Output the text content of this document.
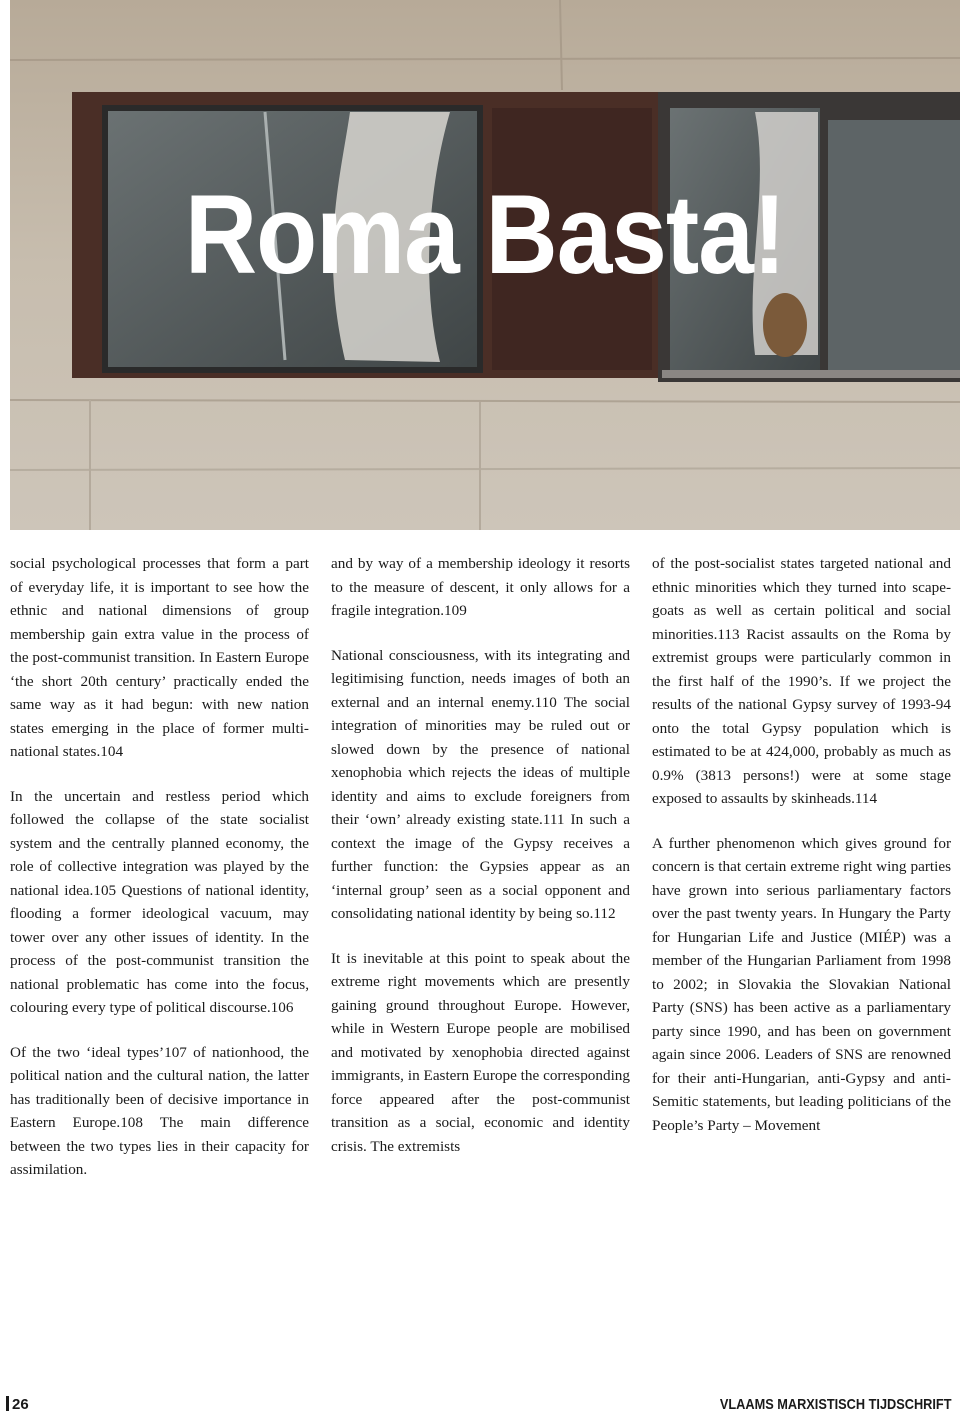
Roma Basta!

social psychological processes that form a part of everyday life, it is important to see how the ethnic and national dimensions of group membership gain extra value in the process of the post-communist transition. In Eastern Europe ‘the short 20th century’ practically ended the same way as it had begun: with new nation states emerging in the place of former multi-national states.104

In the uncertain and restless period which followed the collapse of the state socialist system and the centrally planned economy, the role of collective integration was played by the national idea.105 Questions of national identity, flooding a former ideological vacuum, may tower over any other issues of identity. In the process of the post-communist transition the national problematic has come into the focus, colouring every type of political discourse.106

Of the two ‘ideal types’107 of nationhood, the political nation and the cultural nation, the latter has traditionally been of decisive importance in Eastern Europe.108 The main difference between the two types lies in their capacity for assimilation.

and by way of a membership ideology it resorts to the measure of descent, it only allows for a fragile integration.109

National consciousness, with its integrating and legitimising function, needs images of both an external and an internal enemy.110 The social integration of minorities may be ruled out or slowed down by the presence of national xenophobia which rejects the ideas of multiple identity and aims to exclude foreigners from their ‘own’ already existing state.111 In such a context the image of the Gypsy receives a further function: the Gypsies appear as an ‘internal group’ seen as a social opponent and consolidating national identity by being so.112

It is inevitable at this point to speak about the extreme right movements which are presently gaining ground throughout Europe. However, while in Western Europe people are mobilised and motivated by xenophobia directed against immigrants, in Eastern Europe the corresponding force appeared after the post-communist transition as a social, economic and identity crisis. The extremists

of the post-socialist states targeted national and ethnic minorities which they turned into scape-goats as well as certain political and social minorities.113 Racist assaults on the Roma by extremist groups were particularly common in the first half of the 1990’s. If we project the results of the national Gypsy survey of 1993-94 onto the total Gypsy population which is estimated to be at 424,000, probably as much as 0.9% (3813 persons!) were at some stage exposed to assaults by skinheads.114

A further phenomenon which gives ground for concern is that certain extreme right wing parties have grown into serious parliamentary factors over the past twenty years. In Hungary the Party for Hungarian Life and Justice (MIÉP) was a member of the Hungarian Parliament from 1998 to 2002; in Slovakia the Slovakian National Party (SNS) has been active as a parliamentary party since 1990, and has been on government again since 2006. Leaders of SNS are renowned for their anti-Hungarian, anti-Gypsy and anti-Semitic statements, but leading politicians of the People’s Party – Movement

26	VLAAMS MARXISTISCH TIJDSCHRIFT
